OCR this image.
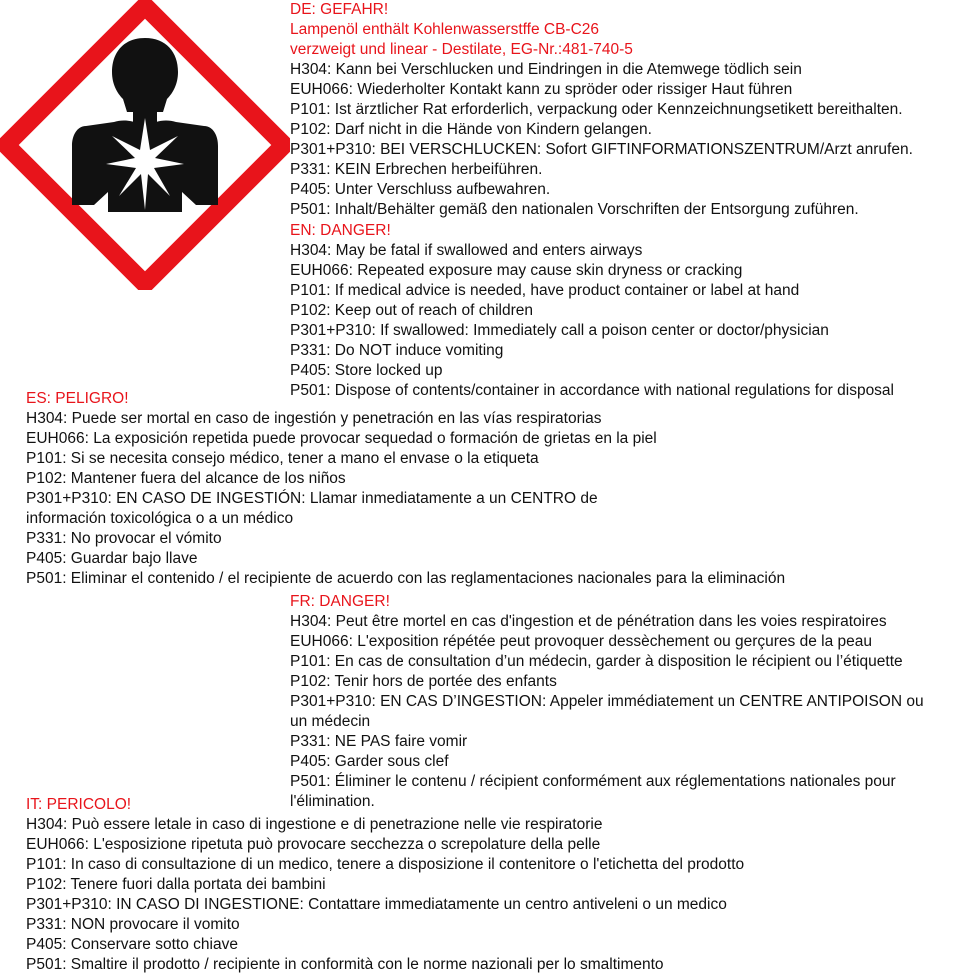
DE: GEFAHR!
Lampenöl enthält Kohlenwasserstffe CB-C26
verzweigt und linear - Destilate, EG-Nr.:481-740-5
H304: Kann bei Verschlucken und Eindringen in die Atemwege tödlich sein
EUH066: Wiederholter Kontakt kann zu spröder oder rissiger Haut führen
P101: Ist ärztlicher Rat erforderlich, verpackung oder Kennzeichnungsetikett bereithalten.
P102: Darf nicht in die Hände von Kindern gelangen.
P301+P310: BEI VERSCHLUCKEN: Sofort GIFTINFORMATIONSZENTRUM/Arzt anrufen.
P331: KEIN Erbrechen herbeiführen.
P405: Unter Verschluss aufbewahren.
P501: Inhalt/Behälter gemäß den nationalen Vorschriften der Entsorgung zuführen.
EN: DANGER!
H304: May be fatal if swallowed and enters airways
EUH066: Repeated exposure may cause skin dryness or cracking
P101: If medical advice is needed, have product container or label at hand
P102: Keep out of reach of children
P301+P310: If swallowed: Immediately call a poison center or doctor/physician
P331: Do NOT induce vomiting
P405: Store locked up
P501: Dispose of contents/container in accordance with national regulations for disposal
ES: PELIGRO!
H304: Puede ser mortal en caso de ingestión y penetración en las vías respiratorias
EUH066: La exposición repetida puede provocar sequedad o formación de grietas en la piel
P101: Si se necesita consejo médico, tener a mano el envase o la etiqueta
P102: Mantener fuera del alcance de los niños
P301+P310: EN CASO DE INGESTIÓN: Llamar inmediatamente a un CENTRO de
información toxicológica o a un médico
P331: No provocar el vómito
P405: Guardar bajo llave
P501: Eliminar el contenido / el recipiente de acuerdo con las reglamentaciones nacionales para la eliminación
FR: DANGER!
H304: Peut être mortel en cas d'ingestion et de pénétration dans les voies respiratoires
EUH066: L'exposition répétée peut provoquer dessèchement ou gerçures de la peau
P101: En cas de consultation d’un médecin, garder à disposition le récipient ou l’étiquette
P102: Tenir hors de portée des enfants
P301+P310: EN CAS D’INGESTION: Appeler immédiatement un CENTRE ANTIPOISON ou
un médecin
P331: NE PAS faire vomir
P405: Garder sous clef
P501: Éliminer le contenu / récipient conformément aux réglementations nationales pour
l'élimination.
IT: PERICOLO!
H304: Può essere letale in caso di ingestione e di penetrazione nelle vie respiratorie
EUH066: L'esposizione ripetuta può provocare secchezza o screpolature della pelle
P101: In caso di consultazione di un medico, tenere a disposizione il contenitore o l'etichetta del prodotto
P102: Tenere fuori dalla portata dei bambini
P301+P310: IN CASO DI INGESTIONE: Contattare immediatamente un centro antiveleni o un medico
P331: NON provocare il vomito
P405: Conservare sotto chiave
P501: Smaltire il prodotto / recipiente in conformità con le norme nazionali per lo smaltimento
